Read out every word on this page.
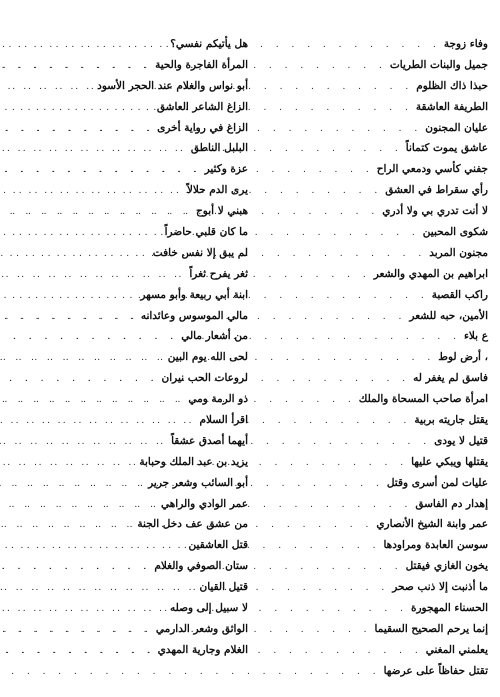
وفاء زوجة
. . .
جميل والبنات الطريات
. . .
حبذا ذاك الظلوم
. . .
الطريفة العاشقة
. . .
عليان المجنون
. . .
عاشق يموت كتماناً
. . .
جفني كأسي ودمعي الراح
. . .
رأي سقراط في العشق
. . .
لا أنت تدري بي ولا أدري
. . .
شكوى المحبين
. . .
مجنون المربد
. . .
ابراهيم بن المهدي والشعر
. . .
راكب القصبة
. . .
الأمين، حبه للشعر
. . .
ع بلاء
. . .
، أرض لوط
. . .
فاسق لم يغفر له
. . .
امرأة صاحب المسحاة والملك
. . .
يقتل جاريته بربية
. . .
قتيل لا يودى
. . .
يقتلها ويبكي عليها
. . .
عليات لمن أسرى وقتل
. . .
إهدار دم الفاسق
. . .
عمر وابنة الشيخ الأنصاري
. . .
سوسن العابدة ومراودها
. . .
يخون الغازي فيقتل
. . .
ما أذنبت إلا ذنب صحر
. . .
الحسناء المهجورة
. . .
إنما يرحم الصحيح السقيما
. . .
يعلمني المغني
. . .
تقتل حفاظاً على عرضها
. . .
هل يأتيكم نفسي؟
. . .
المرأة الفاجرة والحية
. . .
أبو نواس والغلام عند الحجر الأسود
. . .
الزاغ الشاعر العاشق
. . .
الزاغ في رواية أخرى
. . .
البلبل الناطق
. . .
عزة وكثير
. . .
يرى الدم حلالاً
. . .
هبني لا أبوح
. . .
ما كان قلبي حاضراً
. . .
لم يبق إلا نفس خافت
. . .
ثغر يفرح ثغراً
. . .
ابنة أبي ربيعة وأبو مسهر
. . .
مالي الموسوس وعائدانه
. . .
من أشعار مالي
. . .
لحى الله يوم البين
. . .
لروعات الحب نيران
. . .
ذو الرمة ومي
. . .
اقرأ السلام
. . .
أيهما أصدق عشقاً
. . .
يزيد بن عبد الملك وحبابة
. . .
أبو السائب وشعر جرير
. . .
عمر الوادي والراهي
. . .
من عشق عف دخل الجنة
. . .
قتل العاشقين
. . .
ستان الصوفي والغلام
. . .
قتيل القيان
. . .
لا سبيل إلى وصله
. . .
الواثق وشعر الدارمي
. . .
الغلام وجارية المهدي
. . .
